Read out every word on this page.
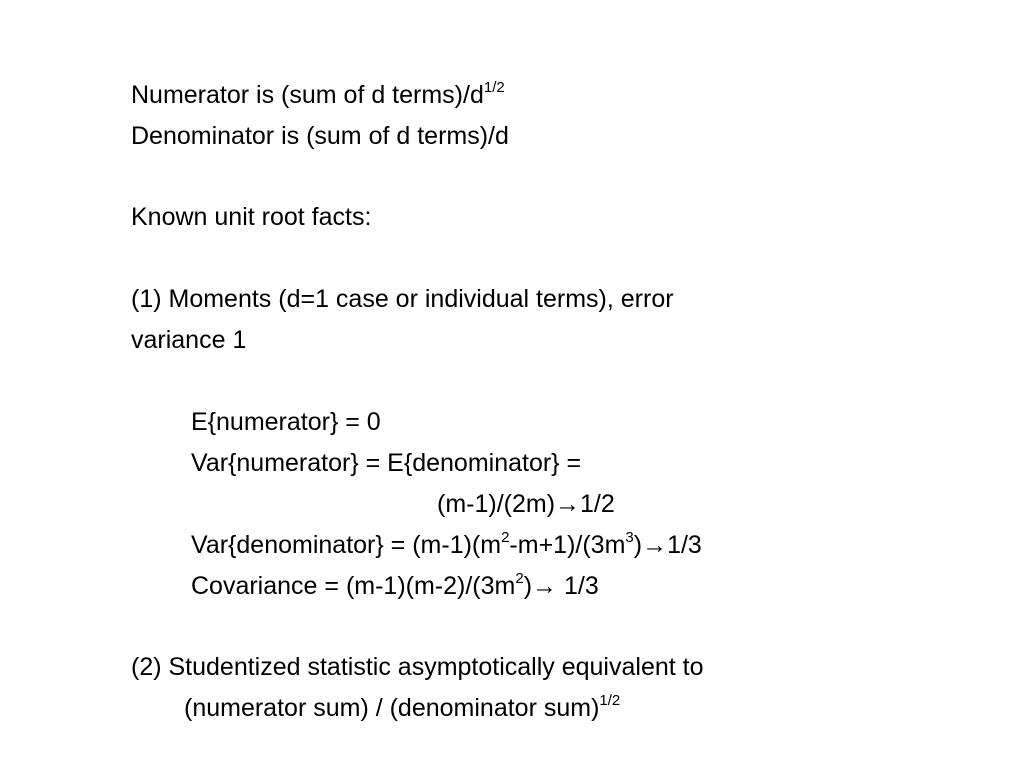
Numerator is (sum of d $terms)/d^{1/2}$
Denominator is (sum of d terms)/d
Known unit root facts:
(1) Moments (d=1 case or individual terms), error
variance 1
E{numerator} = 0
Var{numerator} = E{denominator} =
(m-1)/(2m)→1/2
Var{denominator} = $(m-1)(m^2-m+1)/(3m^3)\to 1/3$
Covariance = $(m-1)(m-2)/(3m^2)\to 1/3$
(2) Studentized statistic asymptotically equivalent to
(numerator sum) / (denominator sum)$^{1/2}$
